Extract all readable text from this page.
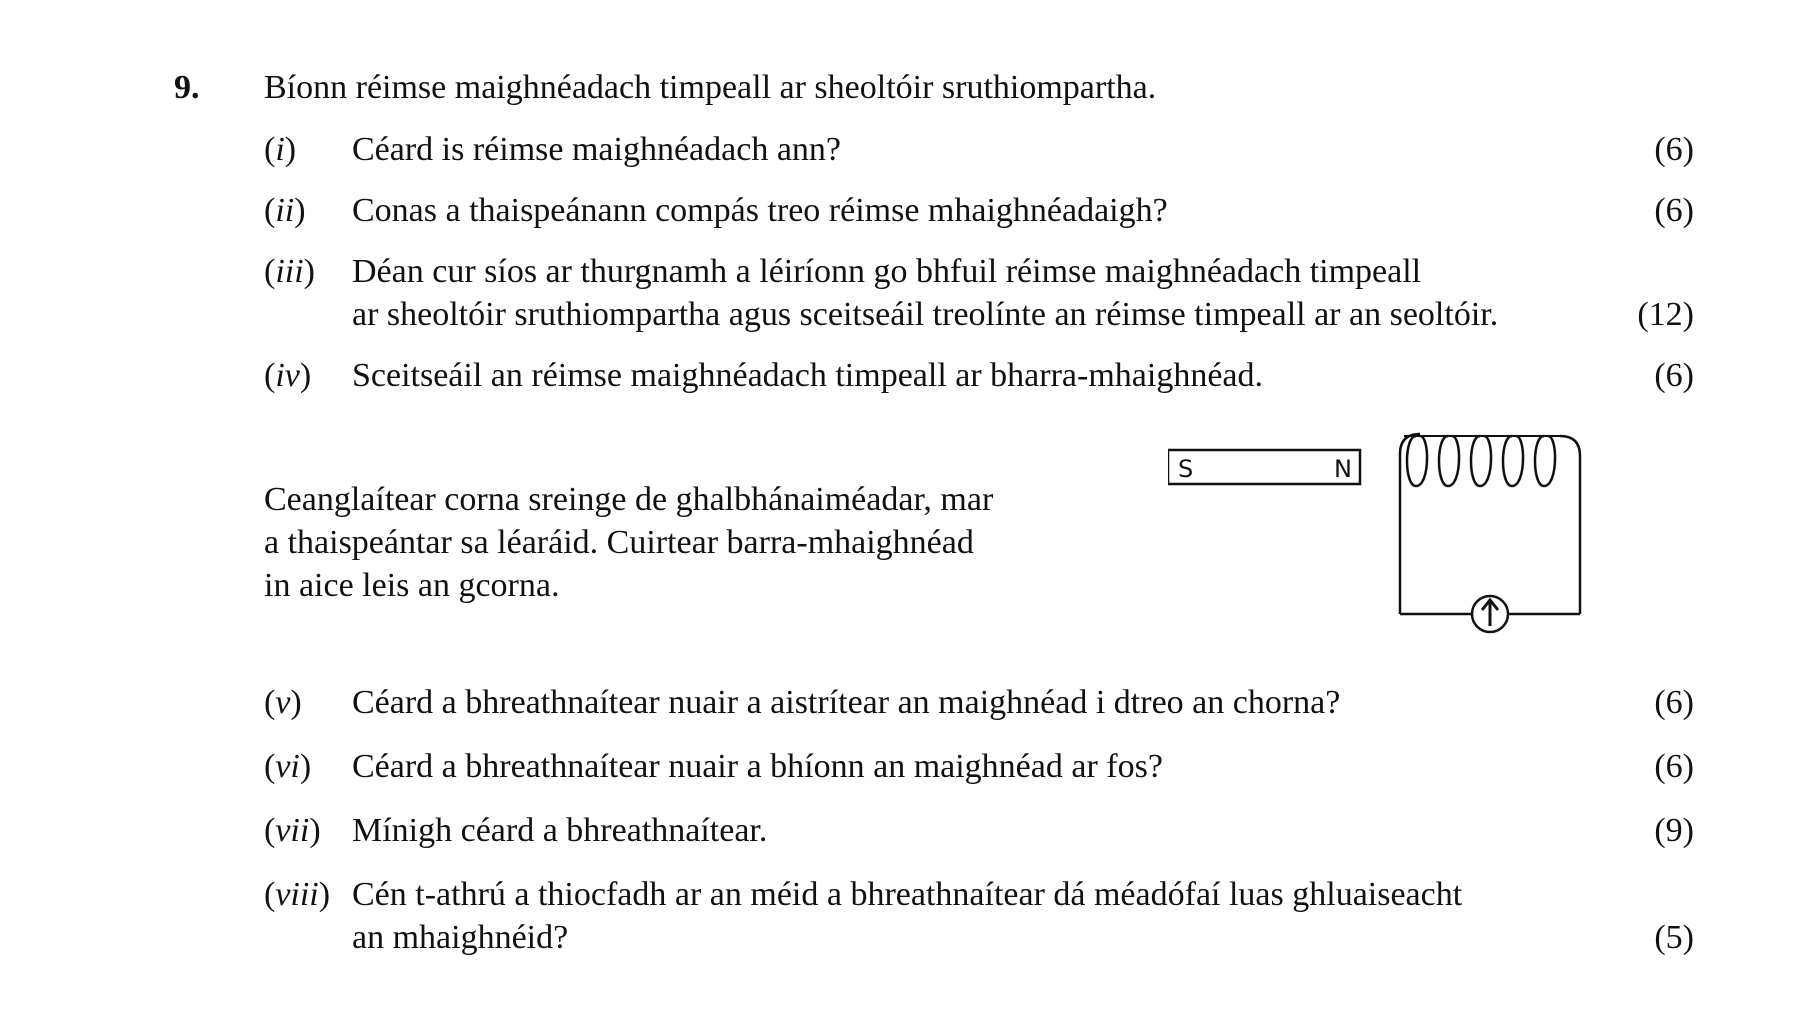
9. Bíonn réimse maighnéadach timpeall ar sheoltóir sruthiompartha.
(i) Céard is réimse maighnéadach ann?	(6)
(ii) Conas a thaispeánann compás treo réimse mhaighnéadaigh?	(6)
(iii) Déan cur síos ar thurgnamh a léiríonn go bhfuil réimse maighnéadach timpeall
ar sheoltóir sruthiompartha agus sceitseáil treolínte an réimse timpeall ar an seoltóir.	(12)
(iv) Sceitseáil an réimse maighnéadach timpeall ar bharra-mhaighnéad.	(6)
Ceanglaítear corna sreinge de ghalbhánaiméadar, mar
a thaispeántar sa léaráid. Cuirtear barra-mhaighnéad
in aice leis an gcorna.
S	N
(v) Céard a bhreathnaítear nuair a aistrítear an maighnéad i dtreo an chorna?	(6)
(vi) Céard a bhreathnaítear nuair a bhíonn an maighnéad ar fos?	(6)
(vii) Mínigh céard a bhreathnaítear.	(9)
(viii) Cén t-athrú a thiocfadh ar an méid a bhreathnaítear dá méadófaí luas ghluaiseacht
an mhaighnéid?	(5)
